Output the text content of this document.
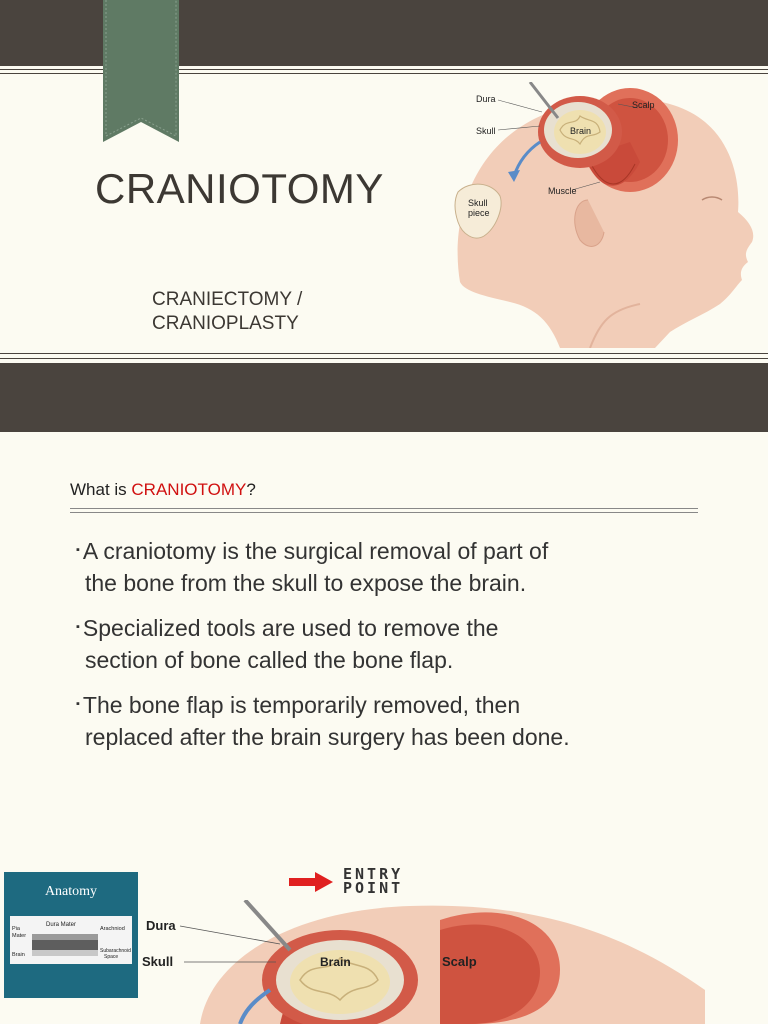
CRANIOTOMY
CRANIECTOMY /
CRANIOPLASTY
Dura
Skull	Brain
Scalp
Muscle
Skull
piece
What is CRANIOTOMY?
▪ A craniotomy is the surgical removal of part of
the bone from the skull to expose the brain.
▪ Specialized tools are used to remove the
section of bone called the bone flap.
▪ The bone flap is temporarily removed, then
replaced after the brain surgery has been done.
Anatomy
Dura Mater
Pia
Mater
Arachniod
Brain
Subarachnoid
Space
ENTRY
POINT
Dura
Skull	Brain	Scalp
